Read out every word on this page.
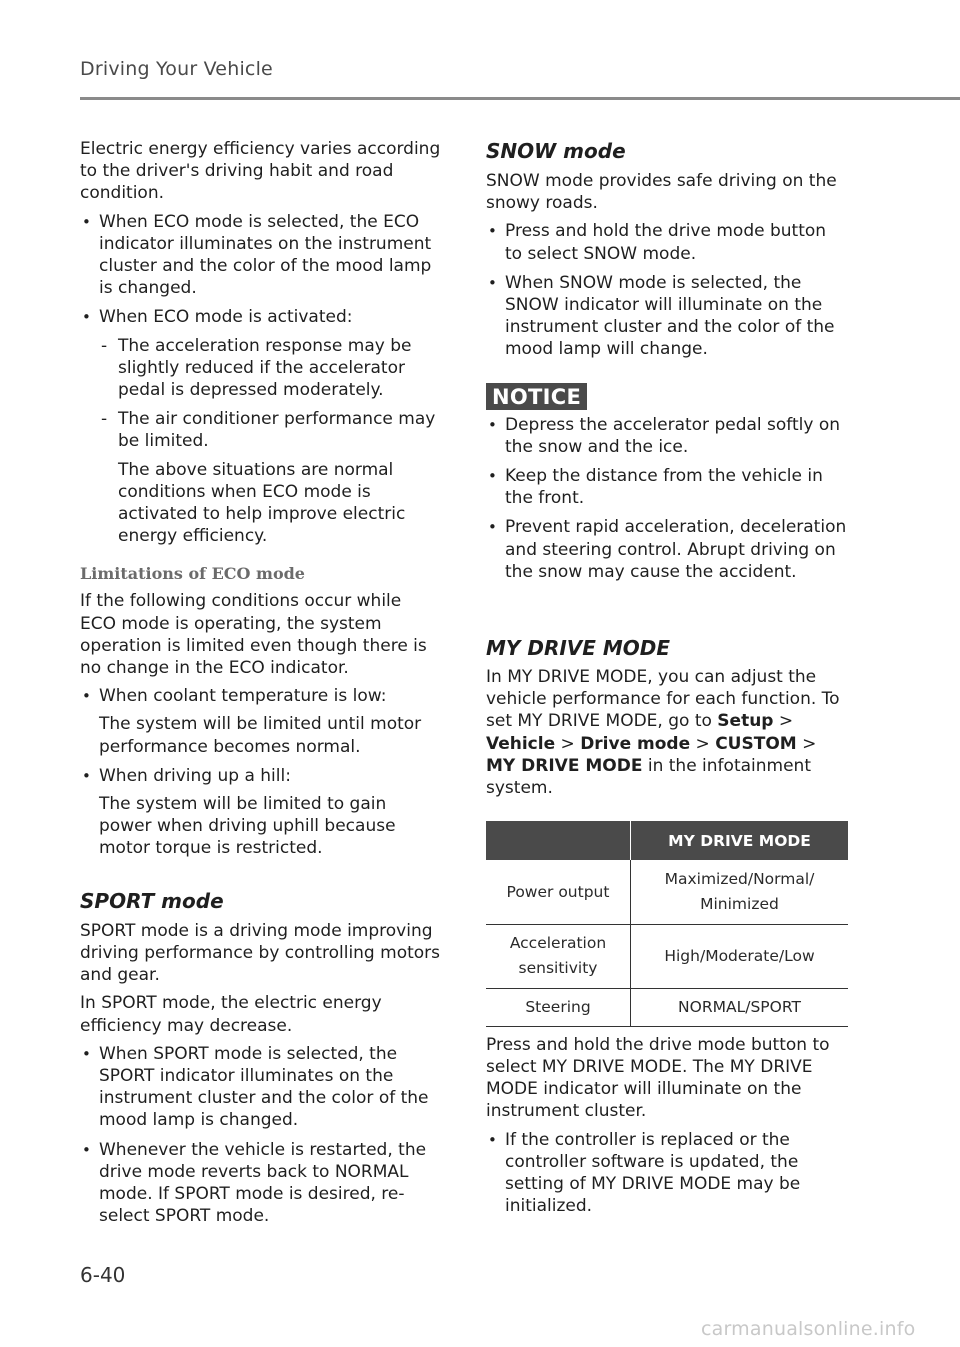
Driving Your Vehicle

Electric energy efficiency varies according to the driver's driving habit and road condition.

• When ECO mode is selected, the ECO indicator illuminates on the instrument cluster and the color of the mood lamp is changed.
• When ECO mode is activated:
- The acceleration response may be slightly reduced if the accelerator pedal is depressed moderately.
- The air conditioner performance may be limited.

The above situations are normal conditions when ECO mode is activated to help improve electric energy efficiency.

Limitations of ECO mode

If the following conditions occur while ECO mode is operating, the system operation is limited even though there is no change in the ECO indicator.

• When coolant temperature is low:

The system will be limited until motor performance becomes normal.

• When driving up a hill:

The system will be limited to gain power when driving uphill because motor torque is restricted.

SPORT mode

SPORT mode is a driving mode improving driving performance by controlling motors and gear.

In SPORT mode, the electric energy efficiency may decrease.

• When SPORT mode is selected, the SPORT indicator illuminates on the instrument cluster and the color of the mood lamp is changed.
• Whenever the vehicle is restarted, the drive mode reverts back to NORMAL mode. If SPORT mode is desired, re-select SPORT mode.
SNOW mode

SNOW mode provides safe driving on the snowy roads.

• Press and hold the drive mode button to select SNOW mode.
• When SNOW mode is selected, the SNOW indicator will illuminate on the instrument cluster and the color of the mood lamp will change.
NOTICE
• Depress the accelerator pedal softly on the snow and the ice.
• Keep the distance from the vehicle in the front.
• Prevent rapid acceleration, deceleration and steering control. Abrupt driving on the snow may cause the accident.
MY DRIVE MODE

In MY DRIVE MODE, you can adjust the vehicle performance for each function. To set MY DRIVE MODE, go to Setup > Vehicle > Drive mode > CUSTOM > MY DRIVE MODE in the infotainment system.

	MY DRIVE MODE
Power output	Maximized/Normal/ Minimized
Acceleration sensitivity	High/Moderate/Low
Steering	NORMAL/SPORT

Press and hold the drive mode button to select MY DRIVE MODE. The MY DRIVE MODE indicator will illuminate on the instrument cluster.

• If the controller is replaced or the controller software is updated, the setting of MY DRIVE MODE may be initialized.
6-40
carmanualsonline.info
